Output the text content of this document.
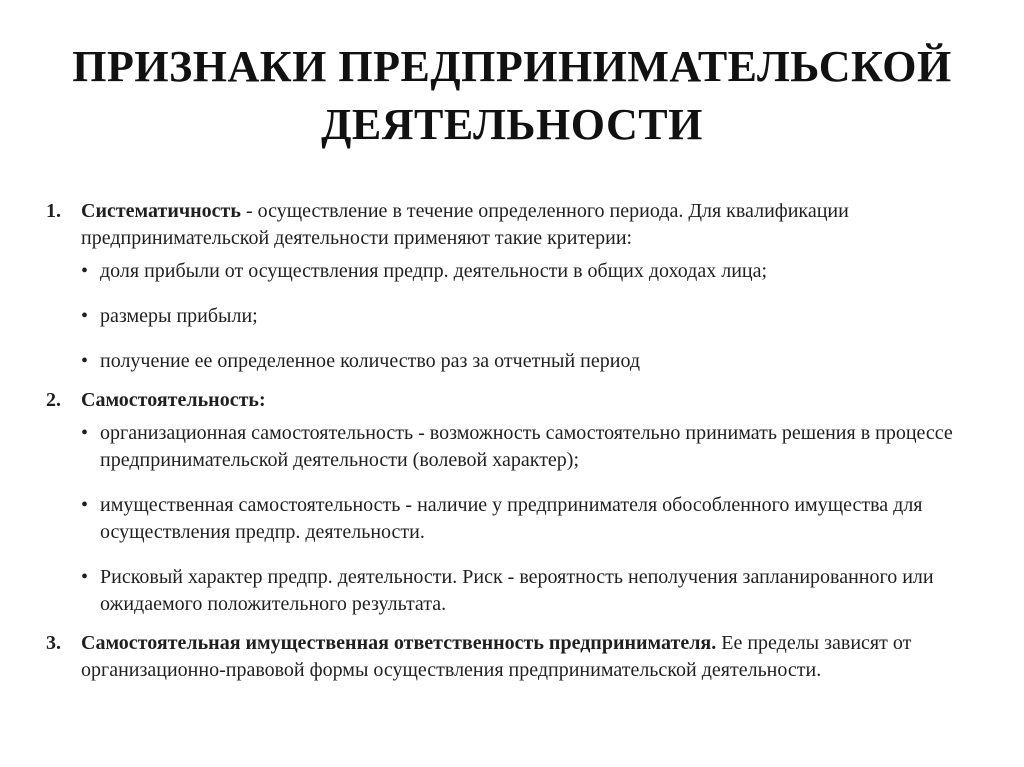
ПРИЗНАКИ ПРЕДПРИНИМАТЕЛЬСКОЙ
ДЕЯТЕЛЬНОСТИ
1. Систематичность - осуществление в течение определенного периода. Для квалификации предпринимательской деятельности применяют такие критерии:
• доля прибыли от осуществления предпр. деятельности в общих доходах лица;
• размеры прибыли;
• получение ее определенное количество раз за отчетный период
2. Самостоятельность:
• организационная самостоятельность - возможность самостоятельно принимать решения в процессе предпринимательской деятельности (волевой характер);
• имущественная самостоятельность - наличие у предпринимателя обособленного имущества для осуществления предпр. деятельности.
• Рисковый характер предпр. деятельности. Риск - вероятность неполучения запланированного или ожидаемого положительного результата.
3. Самостоятельная имущественная ответственность предпринимателя. Ее пределы зависят от организационно-правовой формы осуществления предпринимательской деятельности.
